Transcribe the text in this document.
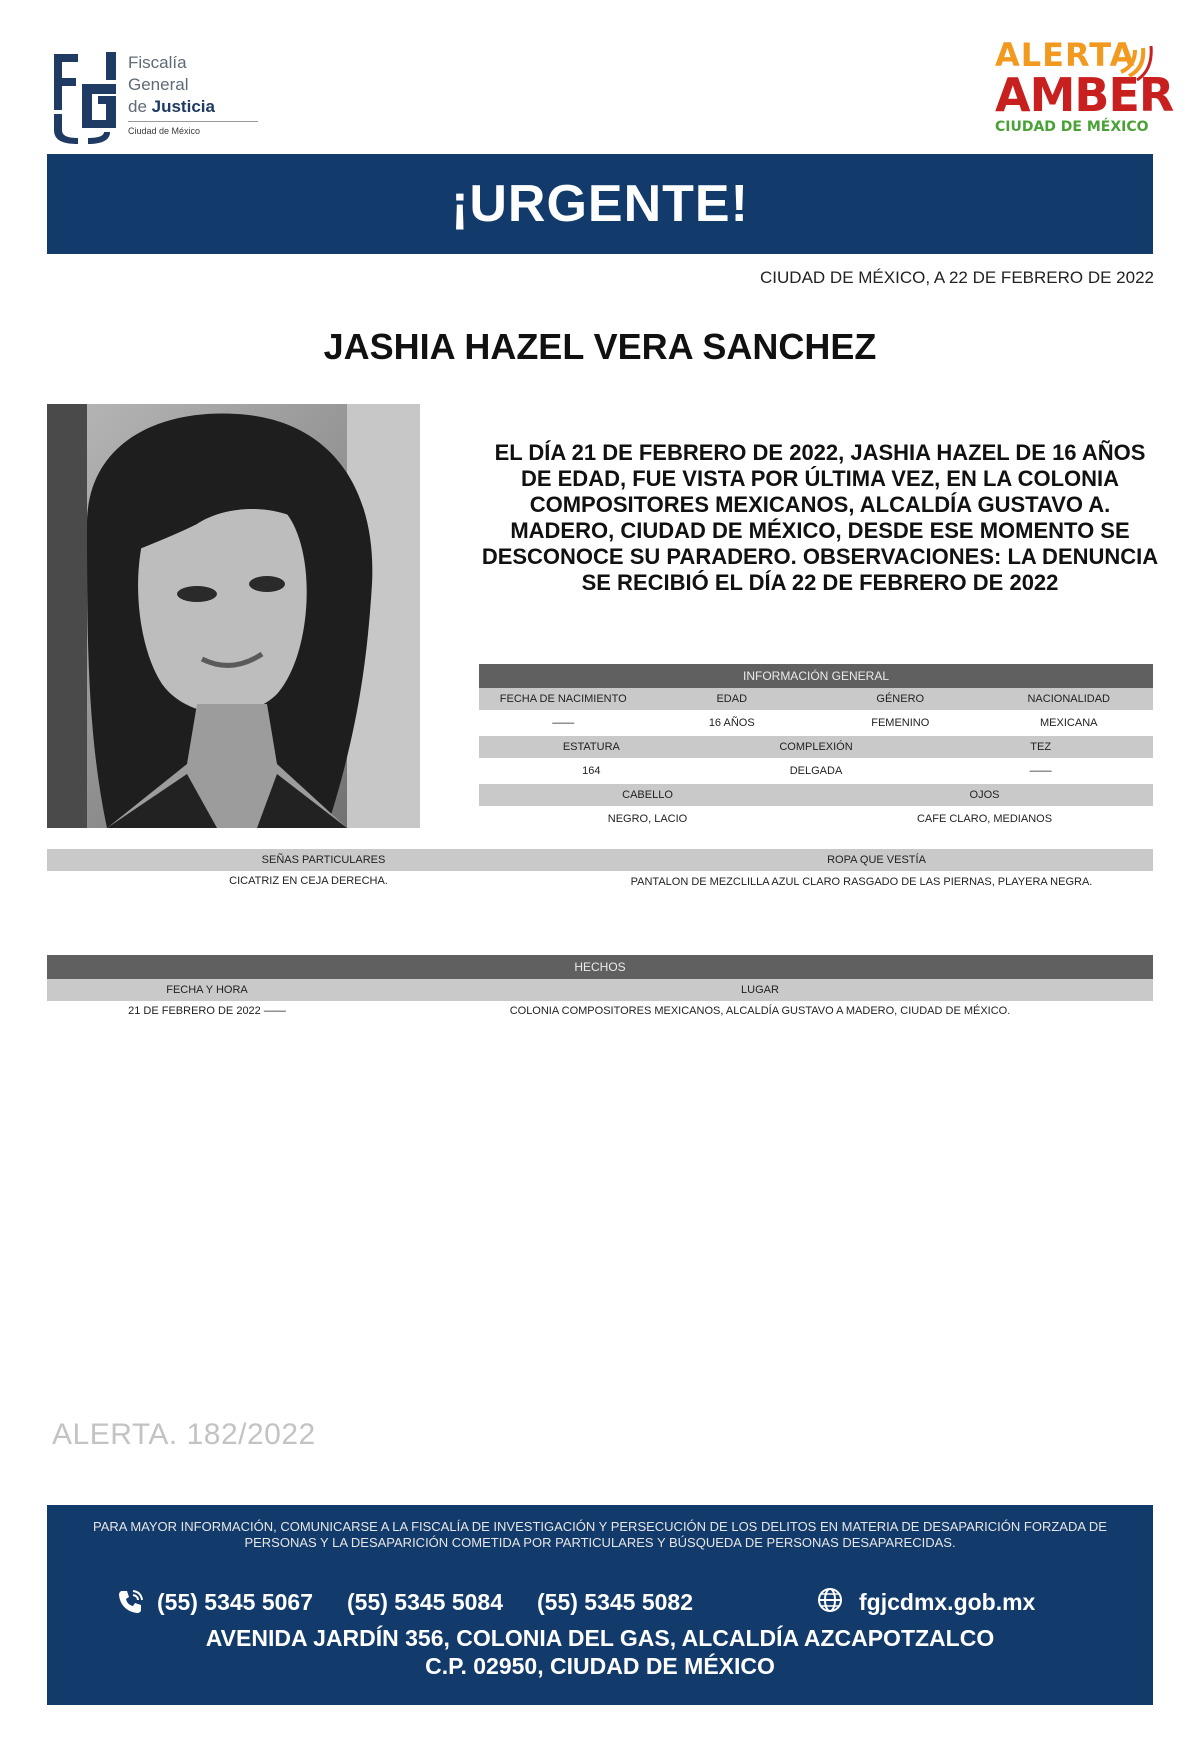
Fiscalía
General
de Justicia
Ciudad de México
ALERTA
AMBER
CIUDAD DE MÉXICO
¡URGENTE!
CIUDAD DE MÉXICO, A 22 DE FEBRERO DE 2022
JASHIA HAZEL VERA SANCHEZ
EL DÍA 21 DE FEBRERO DE 2022, JASHIA HAZEL DE 16 AÑOS DE EDAD, FUE VISTA POR ÚLTIMA VEZ, EN LA COLONIA COMPOSITORES MEXICANOS, ALCALDÍA GUSTAVO A. MADERO, CIUDAD DE MÉXICO, DESDE ESE MOMENTO SE DESCONOCE SU PARADERO. OBSERVACIONES: LA DENUNCIA SE RECIBIÓ EL DÍA 22 DE FEBRERO DE 2022
INFORMACIÓN GENERAL
FECHA DE NACIMIENTO	EDAD	GÉNERO	NACIONALIDAD
——	16 AÑOS	FEMENINO	MEXICANA
ESTATURA	COMPLEXIÓN	TEZ
164	DELGADA	——
CABELLO	OJOS
NEGRO, LACIO	CAFE CLARO, MEDIANOS
SEÑAS PARTICULARES	ROPA QUE VESTÍA
CICATRIZ EN CEJA DERECHA.	PANTALON DE MEZCLILLA AZUL CLARO RASGADO DE LAS PIERNAS, PLAYERA NEGRA.
HECHOS
FECHA Y HORA	LUGAR
21 DE FEBRERO DE 2022 ——	COLONIA COMPOSITORES MEXICANOS, ALCALDÍA GUSTAVO A MADERO, CIUDAD DE MÉXICO.
ALERTA. 182/2022
PARA MAYOR INFORMACIÓN, COMUNICARSE A LA FISCALÍA DE INVESTIGACIÓN Y PERSECUCIÓN DE LOS DELITOS EN MATERIA DE DESAPARICIÓN FORZADA DE PERSONAS Y LA DESAPARICIÓN COMETIDA POR PARTICULARES Y BÚSQUEDA DE PERSONAS DESAPARECIDAS.
(55) 5345 5067 (55) 5345 5084 (55) 5345 5082	fgjcdmx.gob.mx
AVENIDA JARDÍN 356, COLONIA DEL GAS, ALCALDÍA AZCAPOTZALCO
C.P. 02950, CIUDAD DE MÉXICO
